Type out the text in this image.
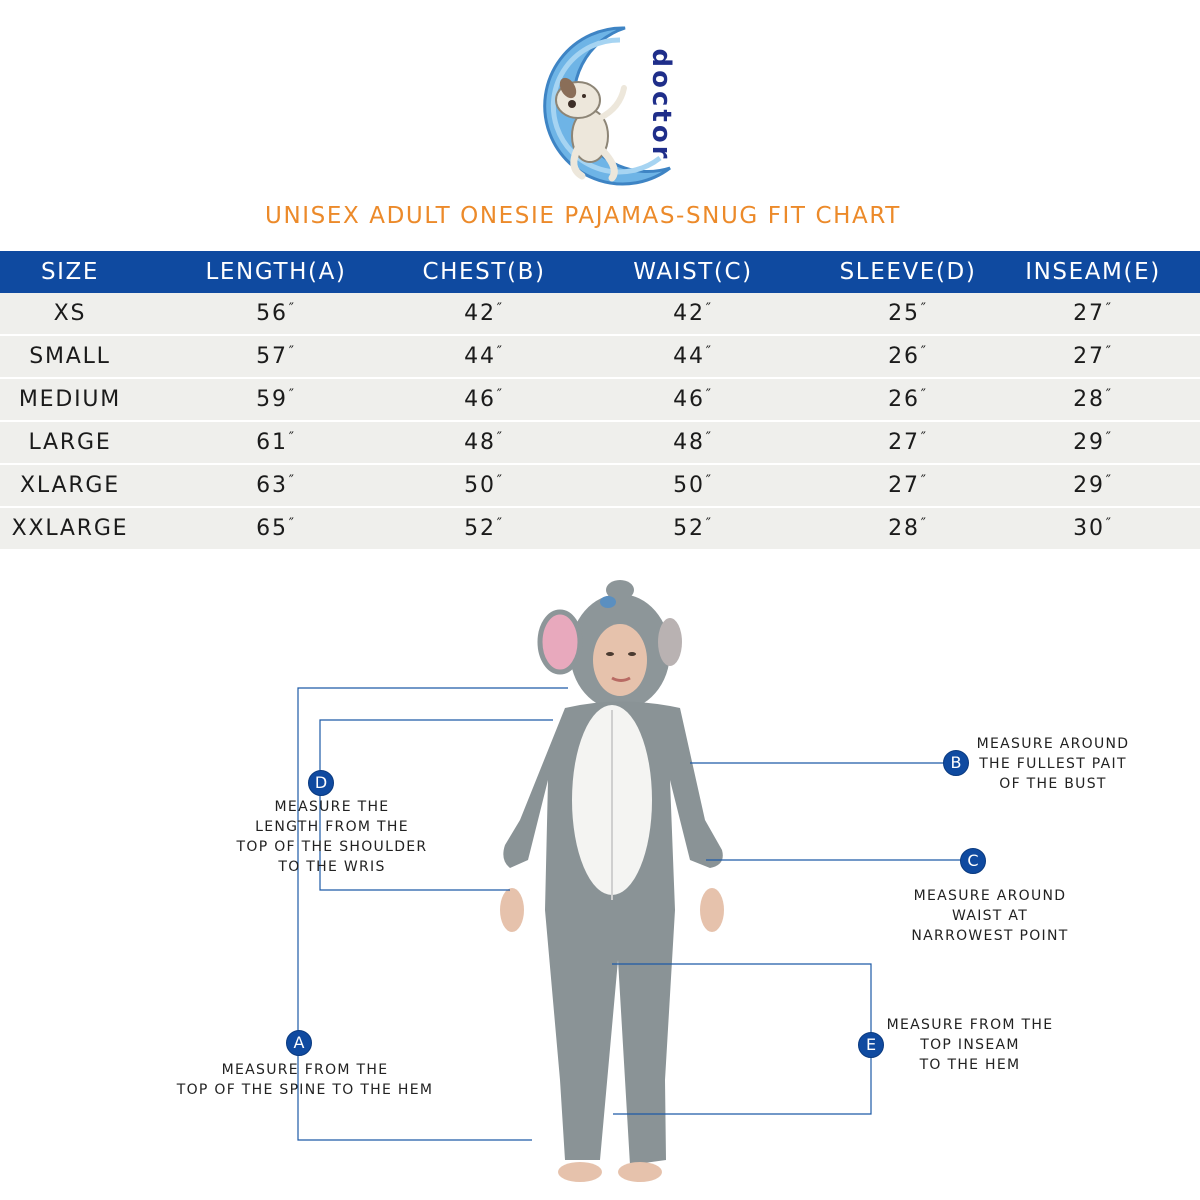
doctor
UNISEX ADULT ONESIE PAJAMAS-SNUG FIT CHART
SIZE	LENGTH(A)	CHEST(B)	WAIST(C)	SLEEVE(D)	INSEAM(E)
XS	56″	42″	42″	25″	27″
SMALL	57″	44″	44″	26″	27″
MEDIUM	59″	46″	46″	26″	28″
LARGE	61″	48″	48″	27″	29″
XLARGE	63″	50″	50″	27″	29″
XXLARGE	65″	52″	52″	28″	30″
A
B
C
D
E
MEASURE FROM THE
TOP OF THE SPINE TO THE HEM
MEASURE AROUND
THE FULLEST PAIT
OF THE BUST
MEASURE AROUND
WAIST AT
NARROWEST POINT
MEASURE THE
LENGTH FROM THE
TOP OF THE SHOULDER
TO THE WRIS
MEASURE FROM THE
TOP INSEAM
TO THE HEM
